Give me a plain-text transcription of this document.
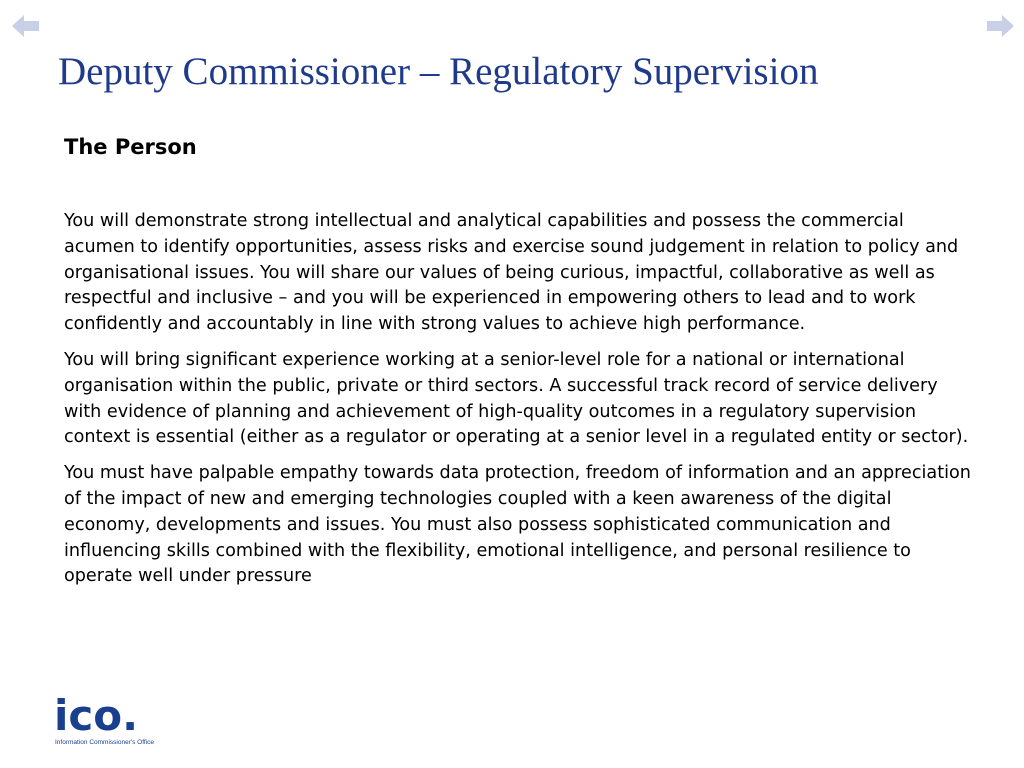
Deputy Commissioner – Regulatory Supervision
The Person

You will demonstrate strong intellectual and analytical capabilities and possess the commercial acumen to identify opportunities, assess risks and exercise sound judgement in relation to policy and organisational issues. You will share our values of being curious, impactful, collaborative as well as respectful and inclusive – and you will be experienced in empowering others to lead and to work confidently and accountably in line with strong values to achieve high performance.

You will bring significant experience working at a senior-level role for a national or international organisation within the public, private or third sectors. A successful track record of service delivery with evidence of planning and achievement of high-quality outcomes in a regulatory supervision context is essential (either as a regulator or operating at a senior level in a regulated entity or sector).

You must have palpable empathy towards data protection, freedom of information and an appreciation of the impact of new and emerging technologies coupled with a keen awareness of the digital economy, developments and issues. You must also possess sophisticated communication and influencing skills combined with the flexibility, emotional intelligence, and personal resilience to operate well under pressure

ico.
Information Commissioner's Office
